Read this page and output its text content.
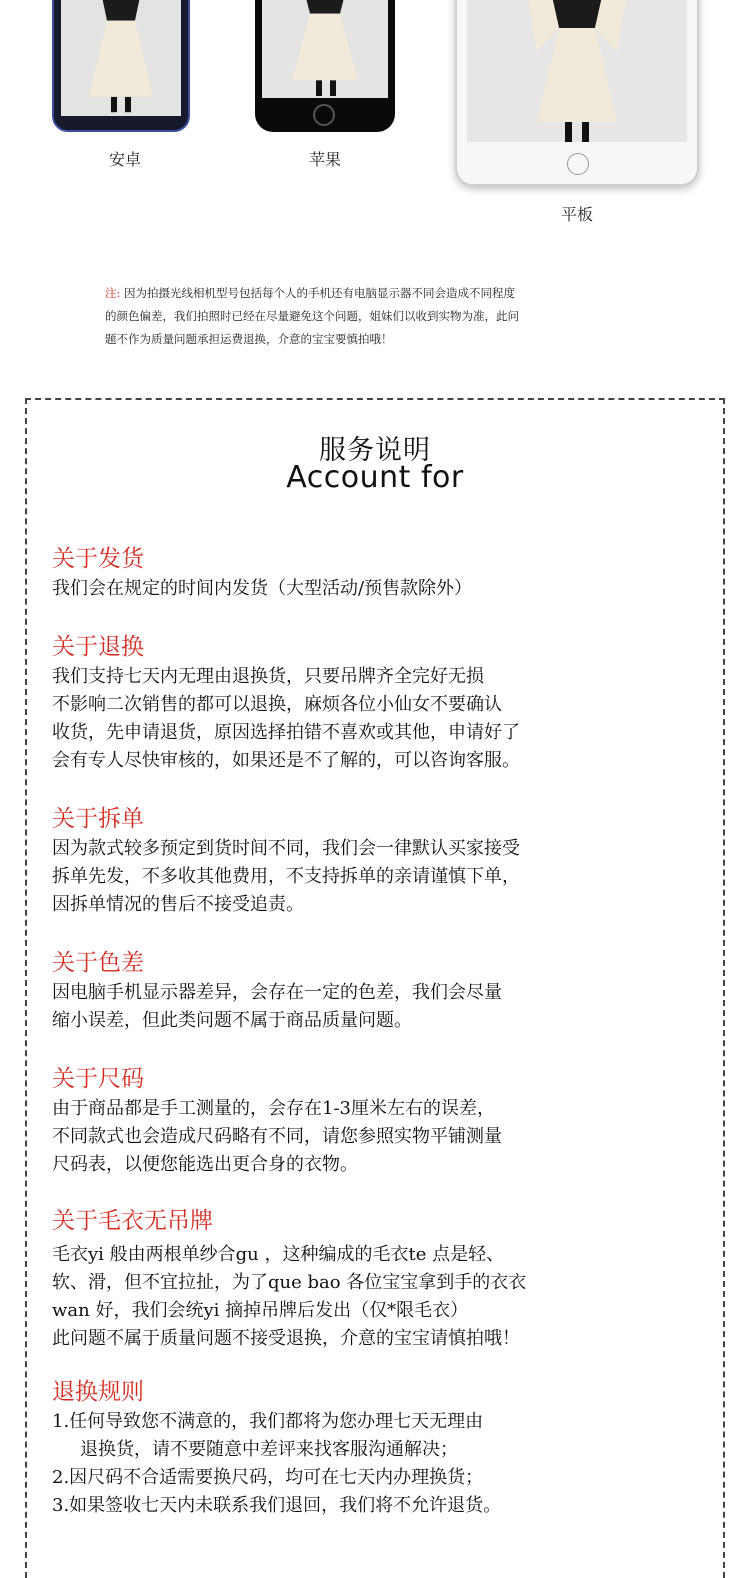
安卓	苹果
平板

注: 因为拍摄光线相机型号包括每个人的手机还有电脑显示器不同会造成不同程度
的颜色偏差，我们拍照时已经在尽量避免这个问题，姐妹们以收到实物为准，此问
题不作为质量问题承担运费退换，介意的宝宝要慎拍哦！

服务说明
Account for
关于发货
我们会在规定的时间内发货（大型活动/预售款除外）
关于退换
我们支持七天内无理由退换货，只要吊牌齐全完好无损
不影响二次销售的都可以退换，麻烦各位小仙女不要确认
收货，先申请退货，原因选择拍错不喜欢或其他，申请好了
会有专人尽快审核的，如果还是不了解的，可以咨询客服。
关于拆单
因为款式较多预定到货时间不同，我们会一律默认买家接受
拆单先发，不多收其他费用，不支持拆单的亲请谨慎下单，
因拆单情况的售后不接受追责。
关于色差
因电脑手机显示器差异，会存在一定的色差，我们会尽量
缩小误差，但此类问题不属于商品质量问题。
关于尺码
由于商品都是手工测量的，会存在1-3厘米左右的误差，
不同款式也会造成尺码略有不同，请您参照实物平铺测量
尺码表，以便您能选出更合身的衣物。
关于毛衣无吊牌
毛衣yi 般由两根单纱合gu ，这种编成的毛衣te 点是轻、
软、滑，但不宜拉扯，为了que bao 各位宝宝拿到手的衣衣
wan 好，我们会统yi 摘掉吊牌后发出（仅*限毛衣）
此问题不属于质量问题不接受退换，介意的宝宝请慎拍哦！
退换规则
1.任何导致您不满意的，我们都将为您办理七天无理由
退换货，请不要随意中差评来找客服沟通解决；
2.因尺码不合适需要换尺码，均可在七天内办理换货；
3.如果签收七天内未联系我们退回，我们将不允许退货。
